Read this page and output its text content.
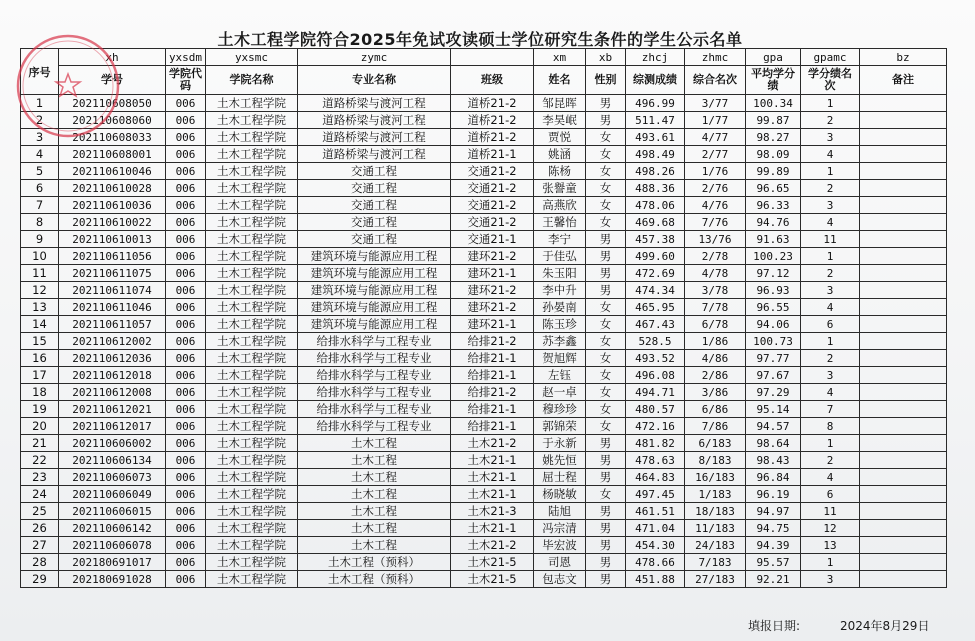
土木工程学院符合2025年免试攻读硕士学位研究生条件的学生公示名单
序号	xh	yxsdm	yxsmc	zymc		xm	xb	zhcj	zhmc	gpa	gpamc	bz
	学号	学院代码	学院名称	专业名称	班级	姓名	性别	综测成绩	综合名次	平均学分绩	学分绩名次	备注
1	202110608050	006	土木工程学院	道路桥梁与渡河工程	道桥21-2	邹昆晖	男	496.99	3/77	100.34	1	
2	202110608060	006	土木工程学院	道路桥梁与渡河工程	道桥21-2	李昊岷	男	511.47	1/77	99.87	2	
3	202110608033	006	土木工程学院	道路桥梁与渡河工程	道桥21-2	贾悦	女	493.61	4/77	98.27	3	
4	202110608001	006	土木工程学院	道路桥梁与渡河工程	道桥21-1	姚涵	女	498.49	2/77	98.09	4	
5	202110610046	006	土木工程学院	交通工程	交通21-2	陈杨	女	498.26	1/76	99.89	1	
6	202110610028	006	土木工程学院	交通工程	交通21-2	张譽童	女	488.36	2/76	96.65	2	
7	202110610036	006	土木工程学院	交通工程	交通21-2	高燕欣	女	478.06	4/76	96.33	3	
8	202110610022	006	土木工程学院	交通工程	交通21-2	王馨怡	女	469.68	7/76	94.76	4	
9	202110610013	006	土木工程学院	交通工程	交通21-1	李宁	男	457.38	13/76	91.63	11	
10	202110611056	006	土木工程学院	建筑环境与能源应用工程	建环21-2	于佳弘	男	499.60	2/78	100.23	1	
11	202110611075	006	土木工程学院	建筑环境与能源应用工程	建环21-1	朱玉阳	男	472.69	4/78	97.12	2	
12	202110611074	006	土木工程学院	建筑环境与能源应用工程	建环21-2	李中升	男	474.34	3/78	96.93	3	
13	202110611046	006	土木工程学院	建筑环境与能源应用工程	建环21-2	孙晏南	女	465.95	7/78	96.55	4	
14	202110611057	006	土木工程学院	建筑环境与能源应用工程	建环21-1	陈玉珍	女	467.43	6/78	94.06	6	
15	202110612002	006	土木工程学院	给排水科学与工程专业	给排21-2	苏李鑫	女	528.5	1/86	100.73	1	
16	202110612036	006	土木工程学院	给排水科学与工程专业	给排21-1	贺旭辉	女	493.52	4/86	97.77	2	
17	202110612018	006	土木工程学院	给排水科学与工程专业	给排21-1	左钰	女	496.08	2/86	97.67	3	
18	202110612008	006	土木工程学院	给排水科学与工程专业	给排21-2	赵一卓	女	494.71	3/86	97.29	4	
19	202110612021	006	土木工程学院	给排水科学与工程专业	给排21-1	穆珍珍	女	480.57	6/86	95.14	7	
20	202110612017	006	土木工程学院	给排水科学与工程专业	给排21-1	郭锦荣	女	472.16	7/86	94.57	8	
21	202110606002	006	土木工程学院	土木工程	土木21-2	于永新	男	481.82	6/183	98.64	1	
22	202110606134	006	土木工程学院	土木工程	土木21-1	姚先恒	男	478.63	8/183	98.43	2	
23	202110606073	006	土木工程学院	土木工程	土木21-1	屈士程	男	464.83	16/183	96.84	4	
24	202110606049	006	土木工程学院	土木工程	土木21-1	杨晓敏	女	497.45	1/183	96.19	6	
25	202110606015	006	土木工程学院	土木工程	土木21-3	陆旭	男	461.51	18/183	94.97	11	
26	202110606142	006	土木工程学院	土木工程	土木21-1	冯宗清	男	471.04	11/183	94.75	12	
27	202110606078	006	土木工程学院	土木工程	土木21-2	毕宏波	男	454.30	24/183	94.39	13	
28	202180691017	006	土木工程学院	土木工程（预科）	土木21-5	司恩	男	478.66	7/183	95.57	1	
29	202180691028	006	土木工程学院	土木工程（预科）	土木21-5	包志文	男	451.88	27/183	92.21	3	
填报日期:	2024年8月29日
